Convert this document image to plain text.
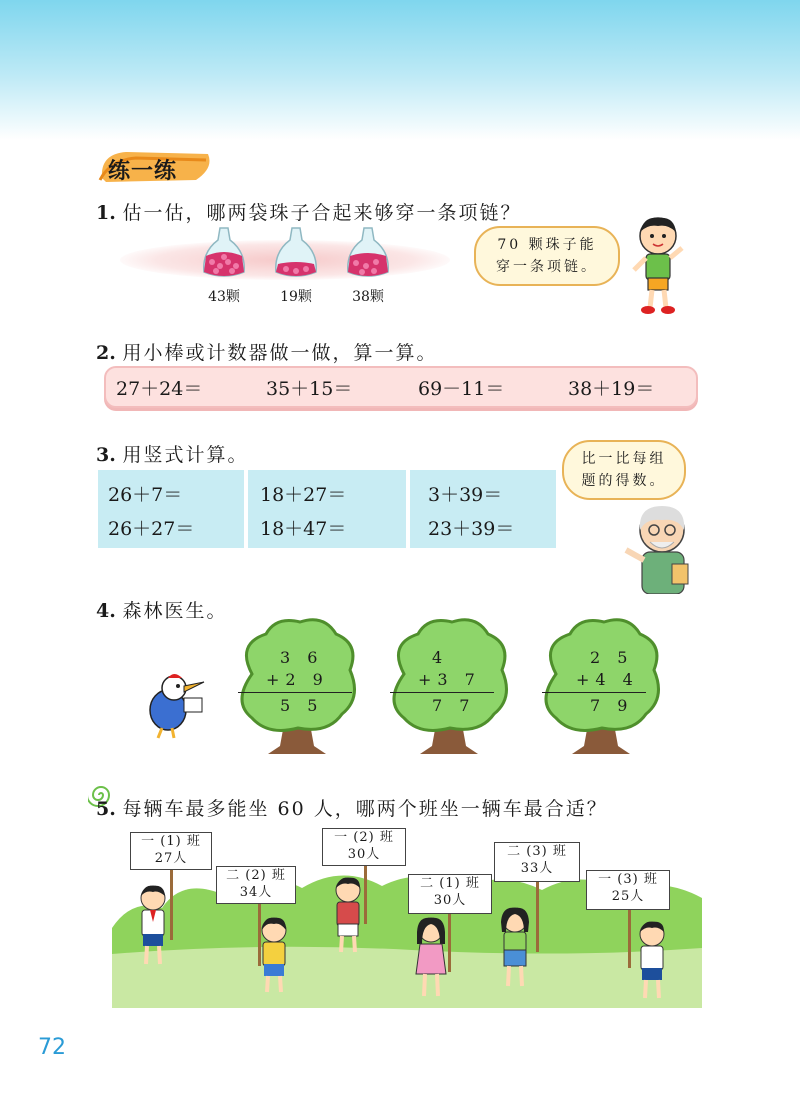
练一练
1. 估一估，哪两袋珠子合起来够穿一条项链？
43颗	19颗	38颗
70 颗珠子能
穿一条项链。
2. 用小棒或计数器做一做，算一算。
27＋24＝	35＋15＝	69－11＝	38＋19＝
3. 用竖式计算。
26＋7＝
26＋27＝
18＋27＝
18＋47＝
3＋39＝
23＋39＝
比一比每组
题的得数。
4. 森林医生。
3 6
+2 9
5 5
4
+3 7
7 7
2 5
+4 4
7 9
5. 每辆车最多能坐 60 人，哪两个班坐一辆车最合适？
一 (1) 班
27人
二 (2) 班
34人
一 (2) 班
30人
二 (1) 班
30人
二 (3) 班
33人
一 (3) 班
25人
72
